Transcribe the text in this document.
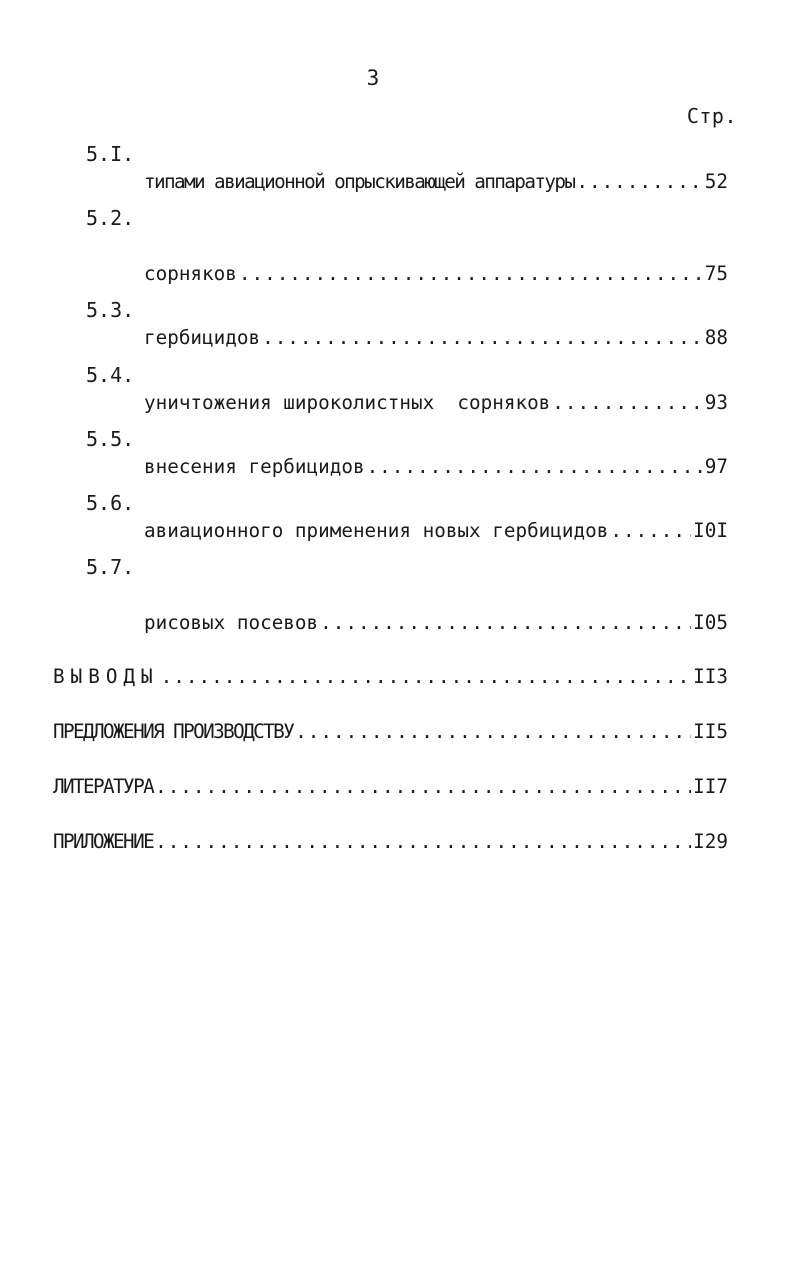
3
Стр.
5.I.

типами авиационной опрыскивающей аппаратуры .....	52
5.2.

сорняков .....	75
5.3.

гербицидов .....	88
5.4.

уничтожения широколистных  сорняков .....	93
5.5.

внесения гербицидов .....	97
5.6.

авиационного применения новых гербицидов .....	I0I
5.7.

рисовых посевов .....	I05
ВЫВОДЫ .....	II3
ПРЕДЛОЖЕНИЯ ПРОИЗВОДСТВУ .....	II5
ЛИТЕРАТУРА .....	II7
ПРИЛОЖЕНИЕ .....	I29
